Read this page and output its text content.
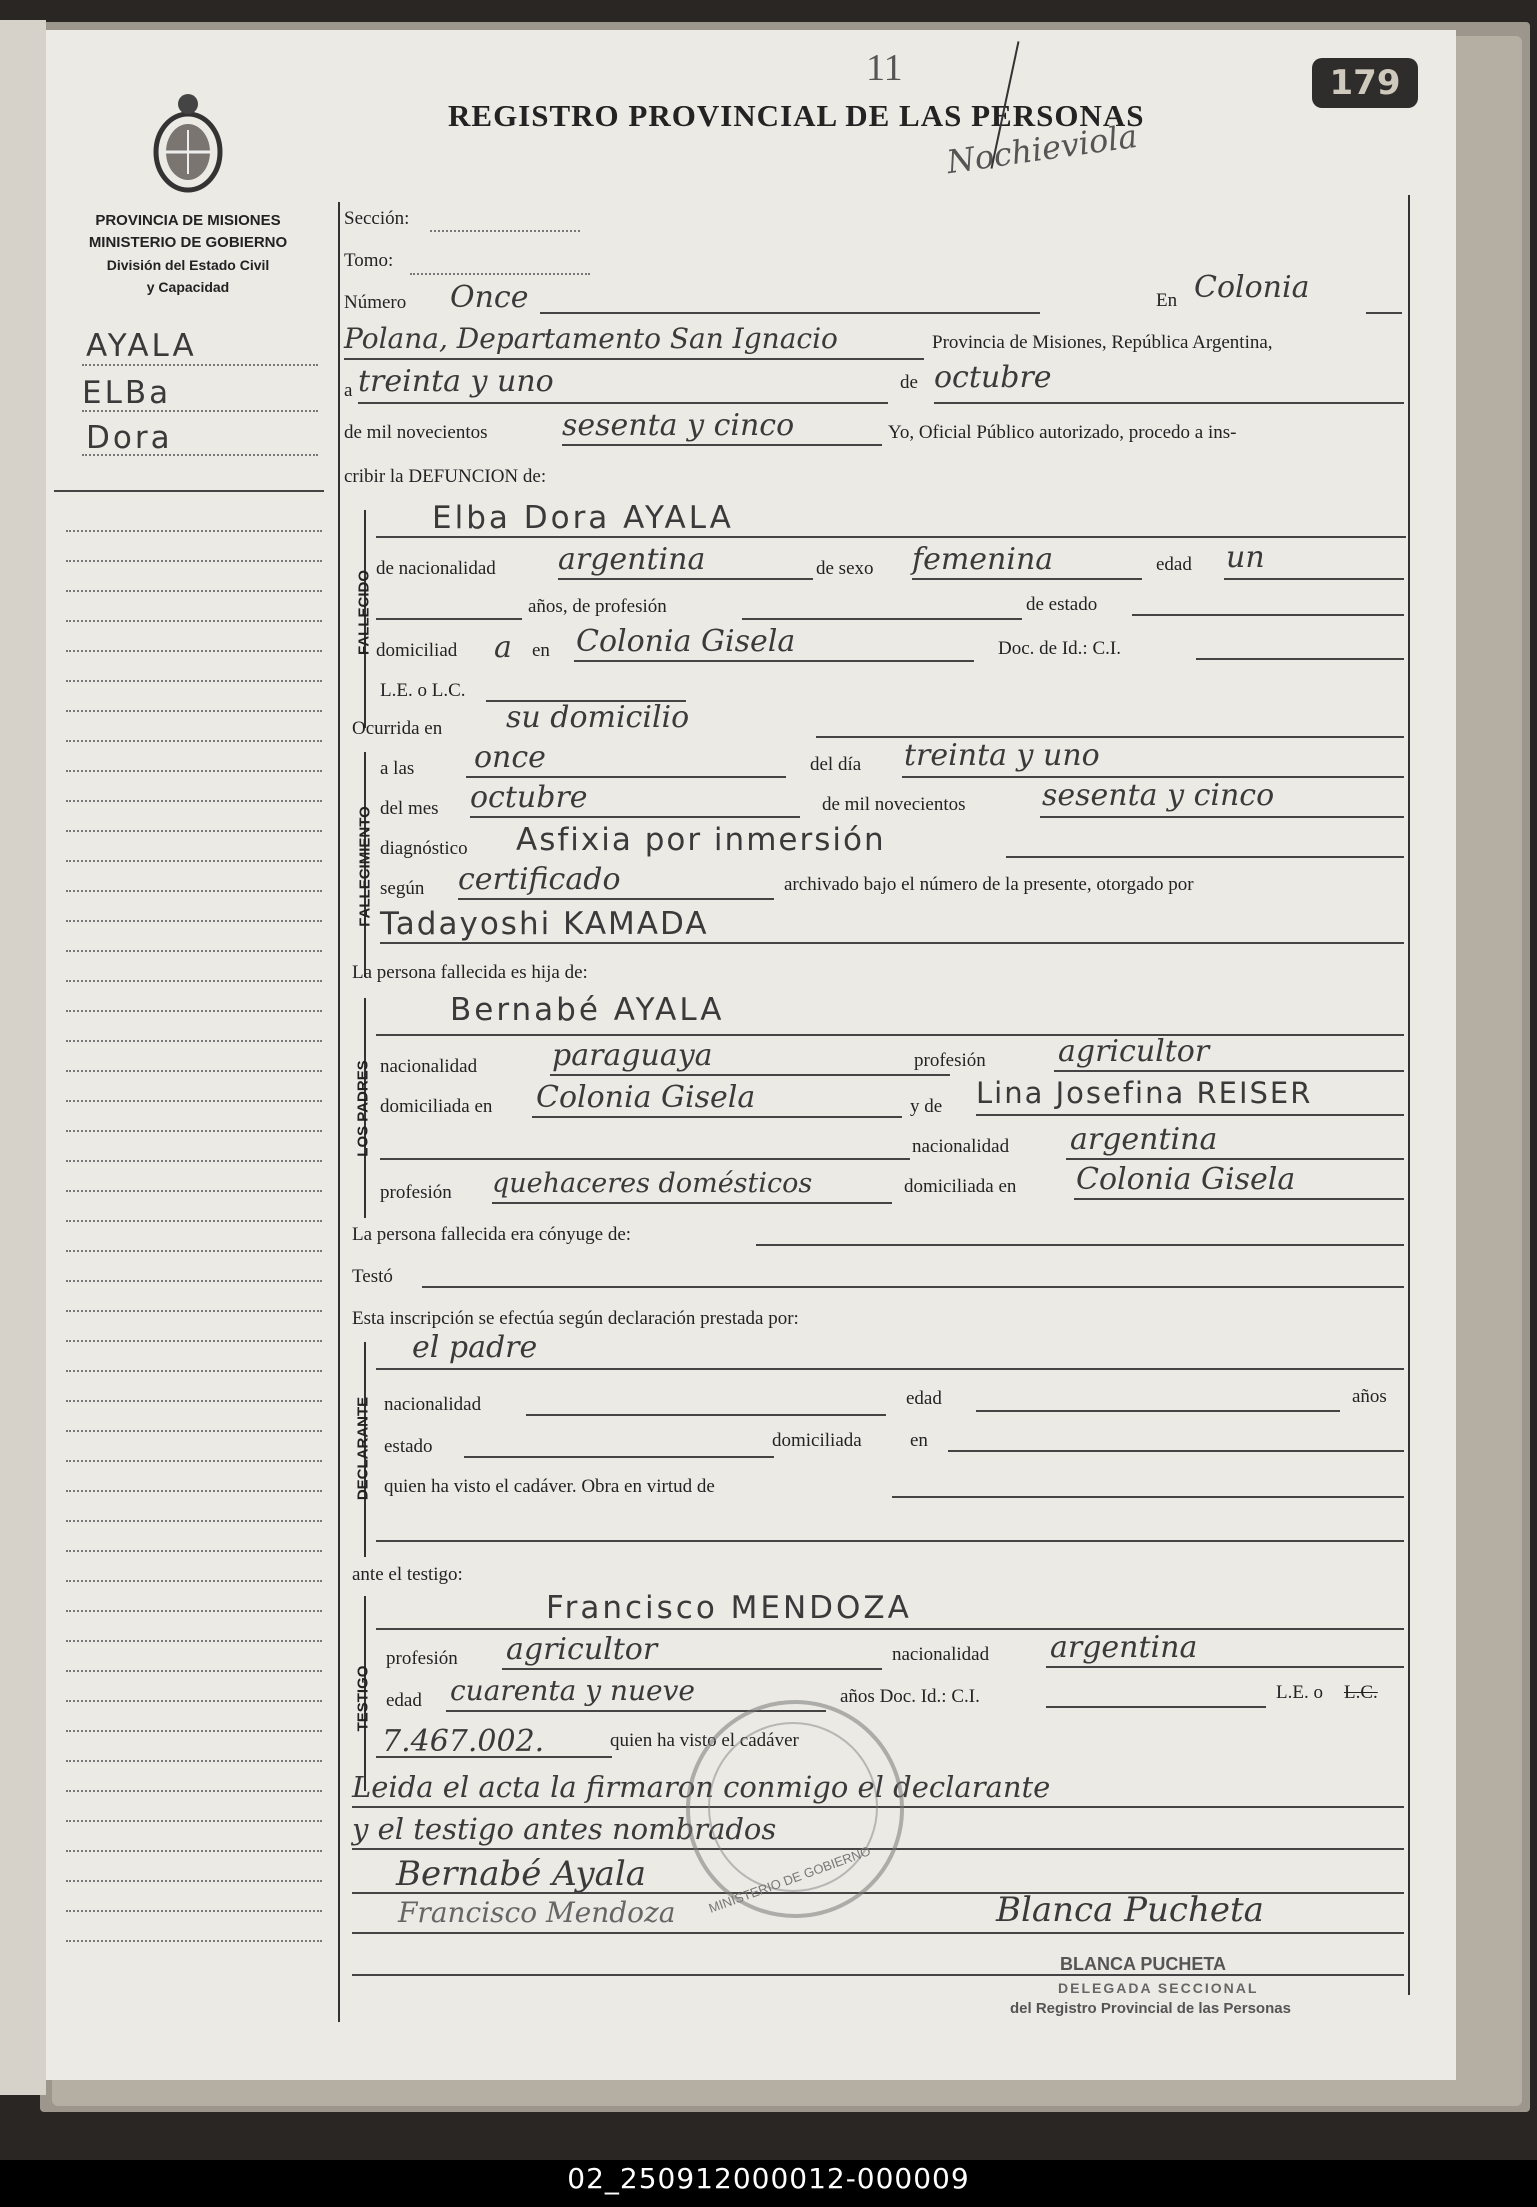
11	179
REGISTRO PROVINCIAL DE LAS PERSONAS
Nochieviola
PROVINCIA DE MISIONES
MINISTERIO DE GOBIERNO
División del Estado Civil
y Capacidad
AYALA
ELBa
Dora
Sección:
Tomo:
Número Once	En Colonia
Polana, Departamento San Ignacio	Provincia de Misiones, República Argentina,
a treinta y uno	de octubre
de mil novecientos sesenta y cinco	Yo, Oficial Público autorizado, procedo a ins-
cribir la DEFUNCION de:
FALLECIDO
Elba Dora AYALA
de nacionalidad argentina	de sexo femenina	edad un
años, de profesión	de estado
domiciliad a en Colonia Gisela	Doc. de Id.: C.I.
L.E. o L.C.
Ocurrida en su domicilio
FALLECIMIENTO
a las once	del día treinta y uno
del mes octubre	de mil novecientos	sesenta y cinco
diagnóstico Asfixia por inmersión
según certificado	archivado bajo el número de la presente, otorgado por
Tadayoshi KAMADA
La persona fallecida es hija de:
LOS PADRES
Bernabé AYALA
nacionalidad paraguaya	profesión agricultor
domiciliada en Colonia Gisela	y de Lina Josefina REISER
nacionalidad argentina
profesión quehaceres domésticos	domiciliada en Colonia Gisela
La persona fallecida era cónyuge de:
Testó
Esta inscripción se efectúa según declaración prestada por:
DECLARANTE
el padre
nacionalidad	edad	años
estado	domiciliada	en
quien ha visto el cadáver. Obra en virtud de
ante el testigo:
TESTIGO
Francisco MENDOZA
profesión agricultor	nacionalidad argentina
edad cuarenta y nueve	años Doc. Id.: C.I.	L.E. o L.C.
7.467.002.	quien ha visto el cadáver
Leida el acta la firmaron conmigo el declarante
y el testigo antes nombrados
Bernabé Ayala
Francisco Mendoza MINISTERIO DE GOBIERNO	Blanca Pucheta
BLANCA PUCHETA
DELEGADA SECCIONAL
del Registro Provincial de las Personas
02_250912000012-000009
